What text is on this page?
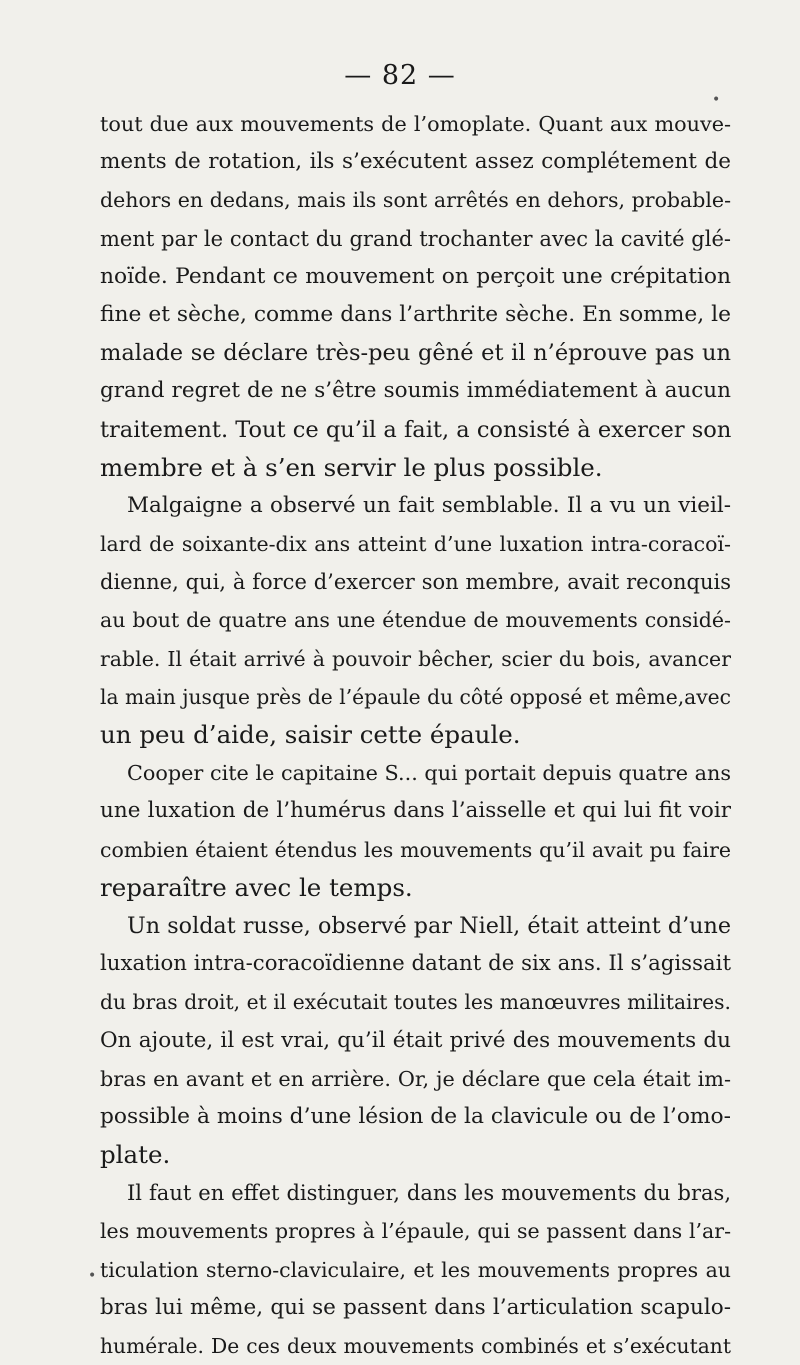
— 82 —
tout due aux mouvements de l’omoplate. Quant aux mouve-
ments de rotation, ils s’exécutent assez complétement de
dehors en dedans, mais ils sont arrêtés en dehors, probable-
ment par le contact du grand trochanter avec la cavité glé-
noïde. Pendant ce mouvement on perçoit une crépitation
fine et sèche, comme dans l’arthrite sèche. En somme, le
malade se déclare très-peu gêné et il n’éprouve pas un
grand regret de ne s’être soumis immédiatement à aucun
traitement. Tout ce qu’il a fait, a consisté à exercer son
membre et à s’en servir le plus possible.
Malgaigne a observé un fait semblable. Il a vu un vieil-
lard de soixante-dix ans atteint d’une luxation intra-coracoï-
dienne, qui, à force d’exercer son membre, avait reconquis
au bout de quatre ans une étendue de mouvements considé-
rable. Il était arrivé à pouvoir bêcher, scier du bois, avancer
la main jusque près de l’épaule du côté opposé et même,avec
un peu d’aide, saisir cette épaule.
Cooper cite le capitaine S... qui portait depuis quatre ans
une luxation de l’humérus dans l’aisselle et qui lui fit voir
combien étaient étendus les mouvements qu’il avait pu faire
reparaître avec le temps.
Un soldat russe, observé par Niell, était atteint d’une
luxation intra-coracoïdienne datant de six ans. Il s’agissait
du bras droit, et il exécutait toutes les manœuvres militaires.
On ajoute, il est vrai, qu’il était privé des mouvements du
bras en avant et en arrière. Or, je déclare que cela était im-
possible à moins d’une lésion de la clavicule ou de l’omo-
plate.
Il faut en effet distinguer, dans les mouvements du bras,
les mouvements propres à l’épaule, qui se passent dans l’ar-
ticulation sterno-claviculaire, et les mouvements propres au
bras lui même, qui se passent dans l’articulation scapulo-
humérale. De ces deux mouvements combinés et s’exécutant
•
•
